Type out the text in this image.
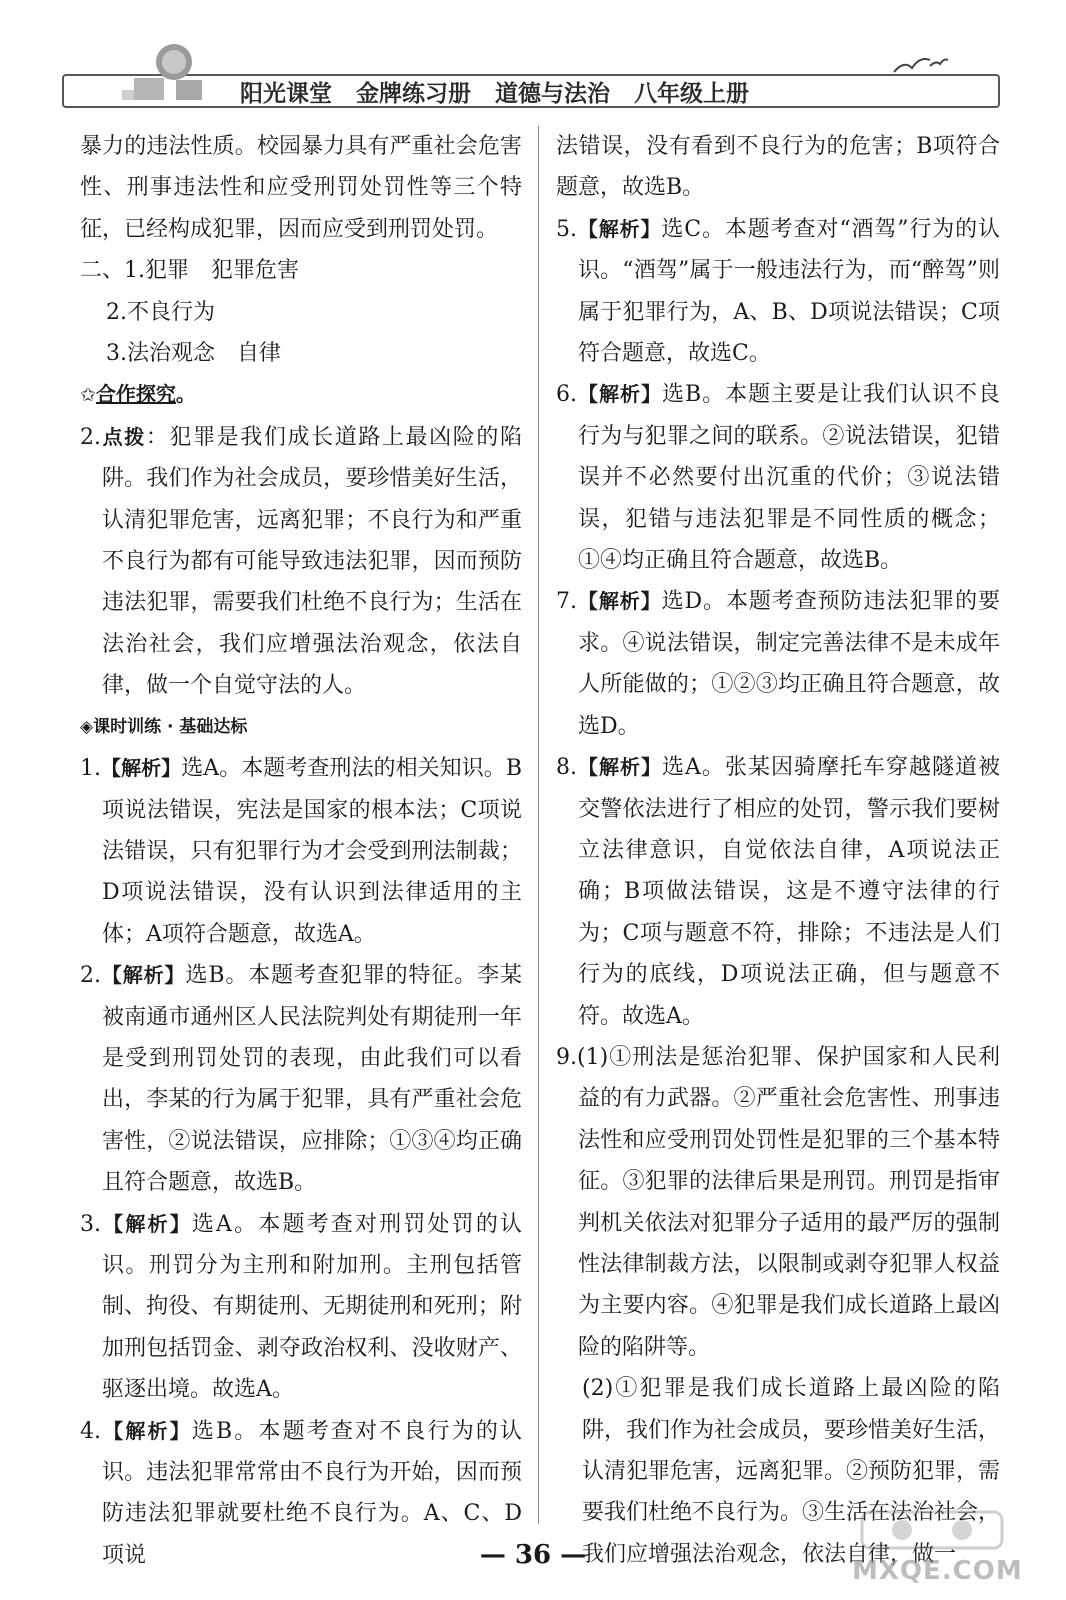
阳光课堂 金牌练习册 道德与法治 八年级上册

暴力的违法性质。校园暴力具有严重社会危害性、刑事违法性和应受刑罚处罚性等三个特征，已经构成犯罪，因而应受到刑罚处罚。

二、1.犯罪　犯罪危害

2.不良行为

3.法治观念　自律

✩合作探究。

2.点拨：犯罪是我们成长道路上最凶险的陷阱。我们作为社会成员，要珍惜美好生活，认清犯罪危害，远离犯罪；不良行为和严重不良行为都有可能导致违法犯罪，因而预防违法犯罪，需要我们杜绝不良行为；生活在法治社会，我们应增强法治观念，依法自律，做一个自觉守法的人。

◈课时训练 · 基础达标

1.【解析】选A。本题考查刑法的相关知识。B项说法错误，宪法是国家的根本法；C项说法错误，只有犯罪行为才会受到刑法制裁；D项说法错误，没有认识到法律适用的主体；A项符合题意，故选A。

2.【解析】选B。本题考查犯罪的特征。李某被南通市通州区人民法院判处有期徒刑一年是受到刑罚处罚的表现，由此我们可以看出，李某的行为属于犯罪，具有严重社会危害性，②说法错误，应排除；①③④均正确且符合题意，故选B。

3.【解析】选A。本题考查对刑罚处罚的认识。刑罚分为主刑和附加刑。主刑包括管制、拘役、有期徒刑、无期徒刑和死刑；附加刑包括罚金、剥夺政治权利、没收财产、驱逐出境。故选A。

4.【解析】选B。本题考查对不良行为的认识。违法犯罪常常由不良行为开始，因而预防违法犯罪就要杜绝不良行为。A、C、D项说

法错误，没有看到不良行为的危害；B项符合题意，故选B。

5.【解析】选C。本题考查对“酒驾”行为的认识。“酒驾”属于一般违法行为，而“醉驾”则属于犯罪行为，A、B、D项说法错误；C项符合题意，故选C。

6.【解析】选B。本题主要是让我们认识不良行为与犯罪之间的联系。②说法错误，犯错误并不必然要付出沉重的代价；③说法错误，犯错与违法犯罪是不同性质的概念；①④均正确且符合题意，故选B。

7.【解析】选D。本题考查预防违法犯罪的要求。④说法错误，制定完善法律不是未成年人所能做的；①②③均正确且符合题意，故选D。

8.【解析】选A。张某因骑摩托车穿越隧道被交警依法进行了相应的处罚，警示我们要树立法律意识，自觉依法自律，A项说法正确；B项做法错误，这是不遵守法律的行为；C项与题意不符，排除；不违法是人们行为的底线，D项说法正确，但与题意不符。故选A。

9.(1)①刑法是惩治犯罪、保护国家和人民利益的有力武器。②严重社会危害性、刑事违法性和应受刑罚处罚性是犯罪的三个基本特征。③犯罪的法律后果是刑罚。刑罚是指审判机关依法对犯罪分子适用的最严厉的强制性法律制裁方法，以限制或剥夺犯罪人权益为主要内容。④犯罪是我们成长道路上最凶险的陷阱等。

(2)①犯罪是我们成长道路上最凶险的陷阱，我们作为社会成员，要珍惜美好生活，认清犯罪危害，远离犯罪。②预防犯罪，需要我们杜绝不良行为。③生活在法治社会，我们应增强法治观念，依法自律，做一

— 36 —
MXQE.COM
